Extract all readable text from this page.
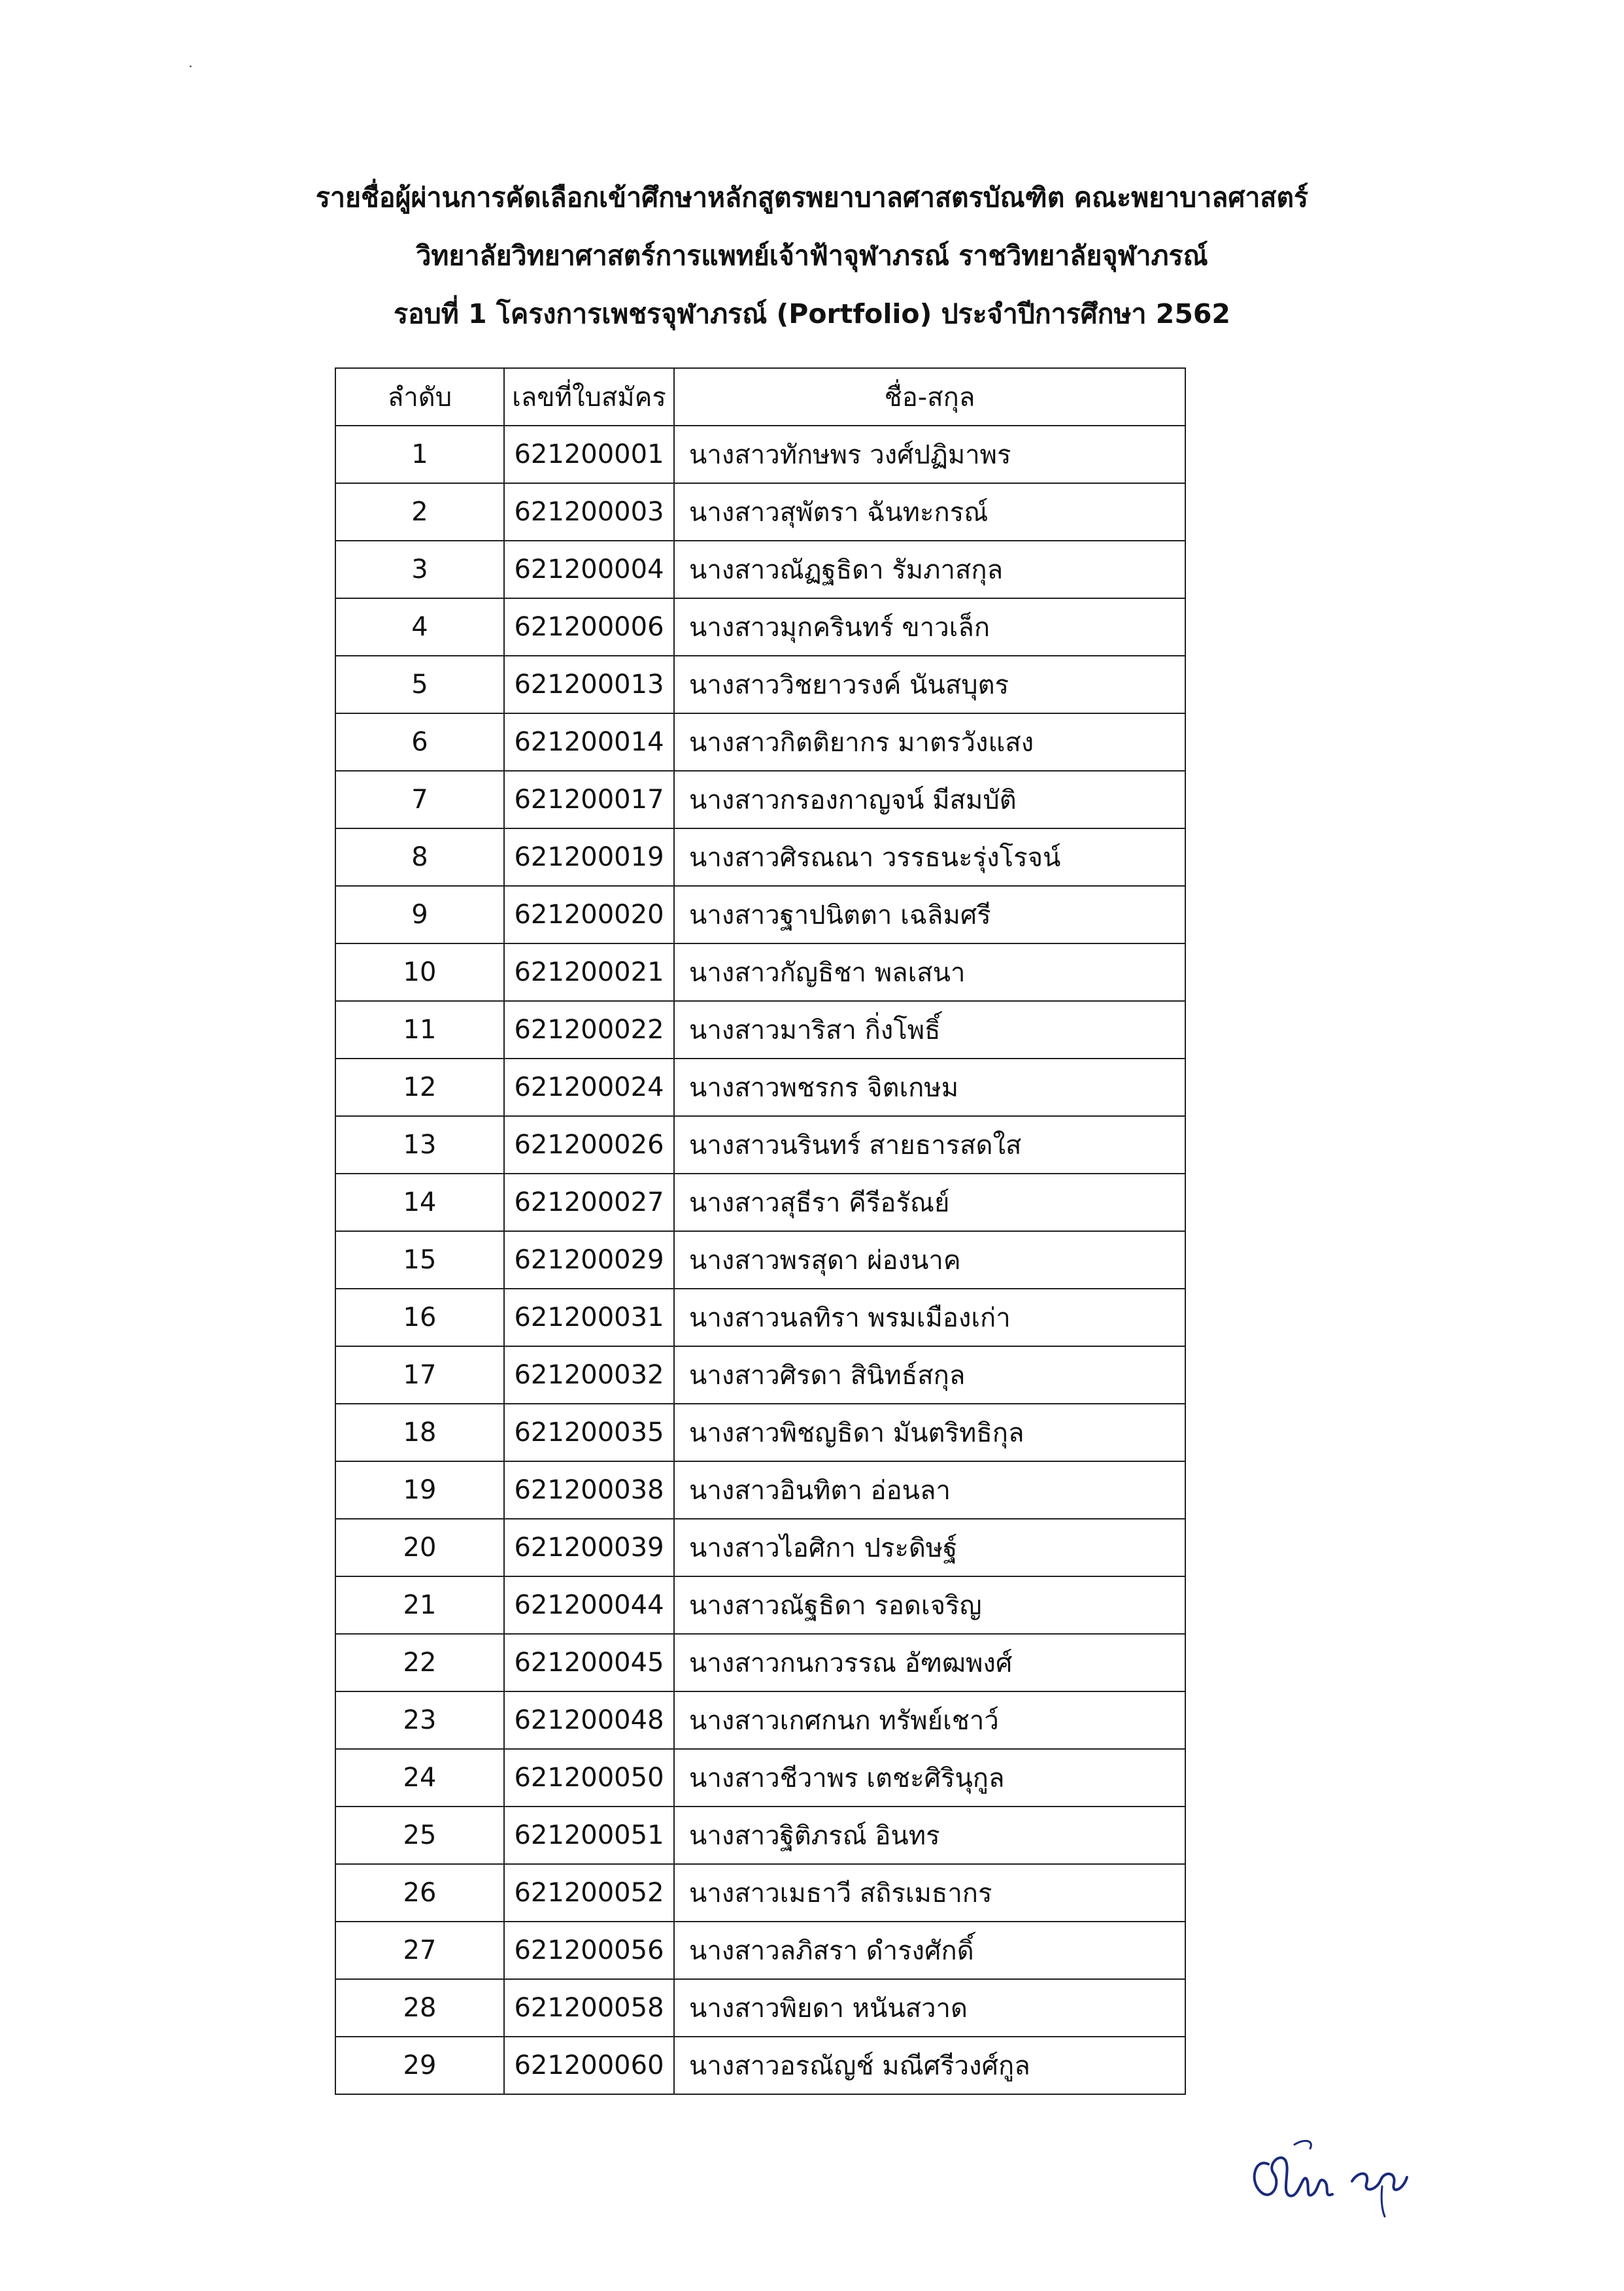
รายชื่อผู้ผ่านการคัดเลือกเข้าศึกษาหลักสูตรพยาบาลศาสตรบัณฑิต คณะพยาบาลศาสตร์
วิทยาลัยวิทยาศาสตร์การแพทย์เจ้าฟ้าจุฬาภรณ์ ราชวิทยาลัยจุฬาภรณ์
รอบที่ 1 โครงการเพชรจุฬาภรณ์ (Portfolio) ประจำปีการศึกษา 2562
ลำดับ	เลขที่ใบสมัคร	ชื่อ-สกุล
1	621200001	นางสาวทักษพร วงศ์ปฏิมาพร
2	621200003	นางสาวสุพัตรา ฉันทะกรณ์
3	621200004	นางสาวณัฏฐธิดา รัมภาสกุล
4	621200006	นางสาวมุกครินทร์ ขาวเล็ก
5	621200013	นางสาววิชยาวรงค์ นันสบุตร
6	621200014	นางสาวกิตติยากร มาตรวังแสง
7	621200017	นางสาวกรองกาญจน์ มีสมบัติ
8	621200019	นางสาวศิรณณา วรรธนะรุ่งโรจน์
9	621200020	นางสาวฐาปนิตตา เฉลิมศรี
10	621200021	นางสาวกัญธิชา พลเสนา
11	621200022	นางสาวมาริสา กิ่งโพธิ์
12	621200024	นางสาวพชรกร จิตเกษม
13	621200026	นางสาวนรินทร์ สายธารสดใส
14	621200027	นางสาวสุธีรา คีรีอรัณย์
15	621200029	นางสาวพรสุดา ผ่องนาค
16	621200031	นางสาวนลทิรา พรมเมืองเก่า
17	621200032	นางสาวศิรดา สินิทธ์สกุล
18	621200035	นางสาวพิชญธิดา มันตริทธิกุล
19	621200038	นางสาวอินทิตา อ่อนลา
20	621200039	นางสาวไอศิกา ประดิษฐ์
21	621200044	นางสาวณัฐธิดา รอดเจริญ
22	621200045	นางสาวกนกวรรณ อัฑฒพงศ์
23	621200048	นางสาวเกศกนก ทรัพย์เชาว์
24	621200050	นางสาวชีวาพร เตชะศิรินุกูล
25	621200051	นางสาวฐิติภรณ์ อินทร
26	621200052	นางสาวเมธาวี สถิรเมธากร
27	621200056	นางสาวลภิสรา ดำรงศักดิ์
28	621200058	นางสาวพิยดา หนันสวาด
29	621200060	นางสาวอรณัญช์ มณีศรีวงศ์กูล
